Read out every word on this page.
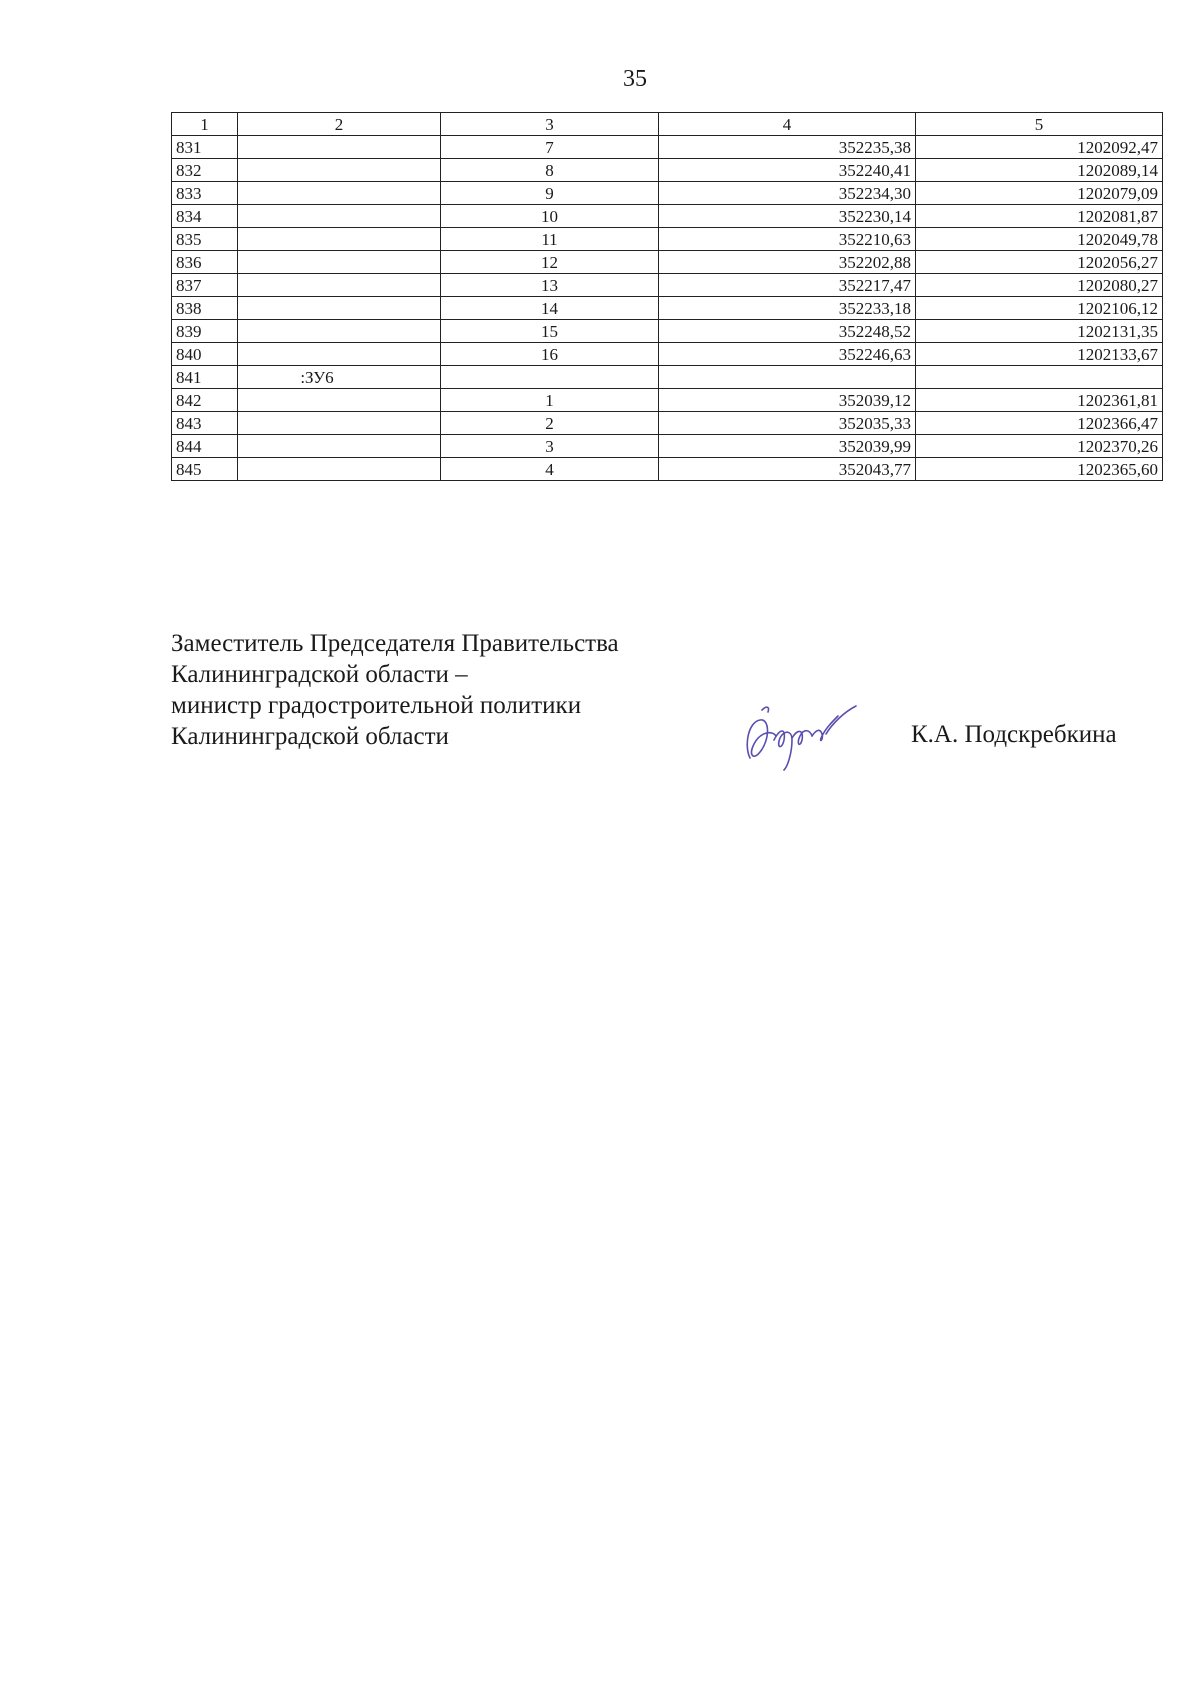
35
1	2	3	4	5
831		7	352235,38	1202092,47
832		8	352240,41	1202089,14
833		9	352234,30	1202079,09
834		10	352230,14	1202081,87
835		11	352210,63	1202049,78
836		12	352202,88	1202056,27
837		13	352217,47	1202080,27
838		14	352233,18	1202106,12
839		15	352248,52	1202131,35
840		16	352246,63	1202133,67
841	:ЗУ6			
842		1	352039,12	1202361,81
843		2	352035,33	1202366,47
844		3	352039,99	1202370,26
845		4	352043,77	1202365,60
Заместитель Председателя Правительства
Калининградской области –
министр градостроительной политики
Калининградской области	К.А. Подскребкина
